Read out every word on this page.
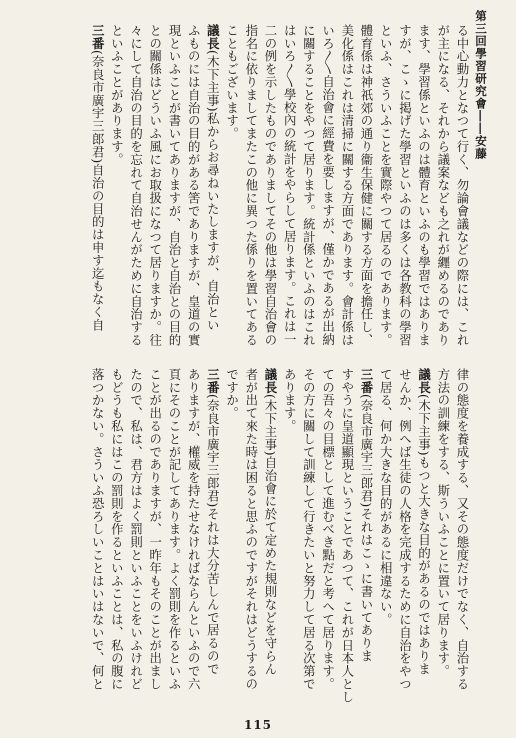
第三回學習研究會――安藤
る中心動力となつて行く、勿論會議などの際には、これ
が主になる、それから議案なども之れが纒めるのであり
ます、學習係といふのは體育といふのも學習ではありま
すが、こゝに掲げた學習といふのは多くは各教科の學習
といふ、さういふことを實際やつて居るのであります。
體育係は神祇郊の通り衞生保健に關する方面を擔任し、
美化係はこれは清掃に關する方面であります。會計係は
いろ〳〵自治會に經費を要しますが、僅かであるが出納
に關することをやつて居ります。統計係といふのはこれ
はいろ〳〵學校內の統計をやらして居ります。これは一
二の例を示したものでありましてその他は學習自治會の
指名に依りましてまたこの他に異つた係りを置いてある
こともございます。
議長(木下主事)私からお尋ねいたしますが、自治とい
ふものには自治の目的がある筈でありますが、皇道の實
現といふことが書いてありますが、自治と自治との目的
との關係はどういふ風にお取扱になつて居りますか。往
々にして自治の目的を忘れて自治せんがために自治する
といふことがあります。
三番(奈良市廣宇三郎君)自治の目的は申す迄もなく自
律の態度を養成する、又その態度だけでなく、自治する
方法の訓練をする、斯ういふことに置いて居ります。
議長(木下主事)もつと大きな目的があるのではありま
せんか、例へば生徒の人格を完成するために自治をやつ
て居る、何か大きな目的があるに相違ない。
三番(奈良市廣宇三郎君)それはこゝに書いてありま
すやうに皇道顯現ということであつて、これが日本人とし
ての吾々の目標として進むべき點だと考へて居ります。
その方に關して訓練して行きたいと努力して居る次第で
あります。
議長(木下主事)自治會に於て定めた規則などを守らん
者が出て來た時は困ると思ふのですがそれはどうするの
ですか。
三番(奈良市廣宇三郎君)それは大分苦しんで居るので
ありますが、權威を持たせなければならんといふので六
頁にそのことが記してあります。よく罰則を作るといふ
ことが出るのでありますが、一昨年もそのことが出まし
たので、私は、君方はよく罰則といふことをいふけれど
もどうも私にはこの罰則を作るといふことは、私の腹に
落つかない。さういふ恐ろしいことはいはないで、何と
115
